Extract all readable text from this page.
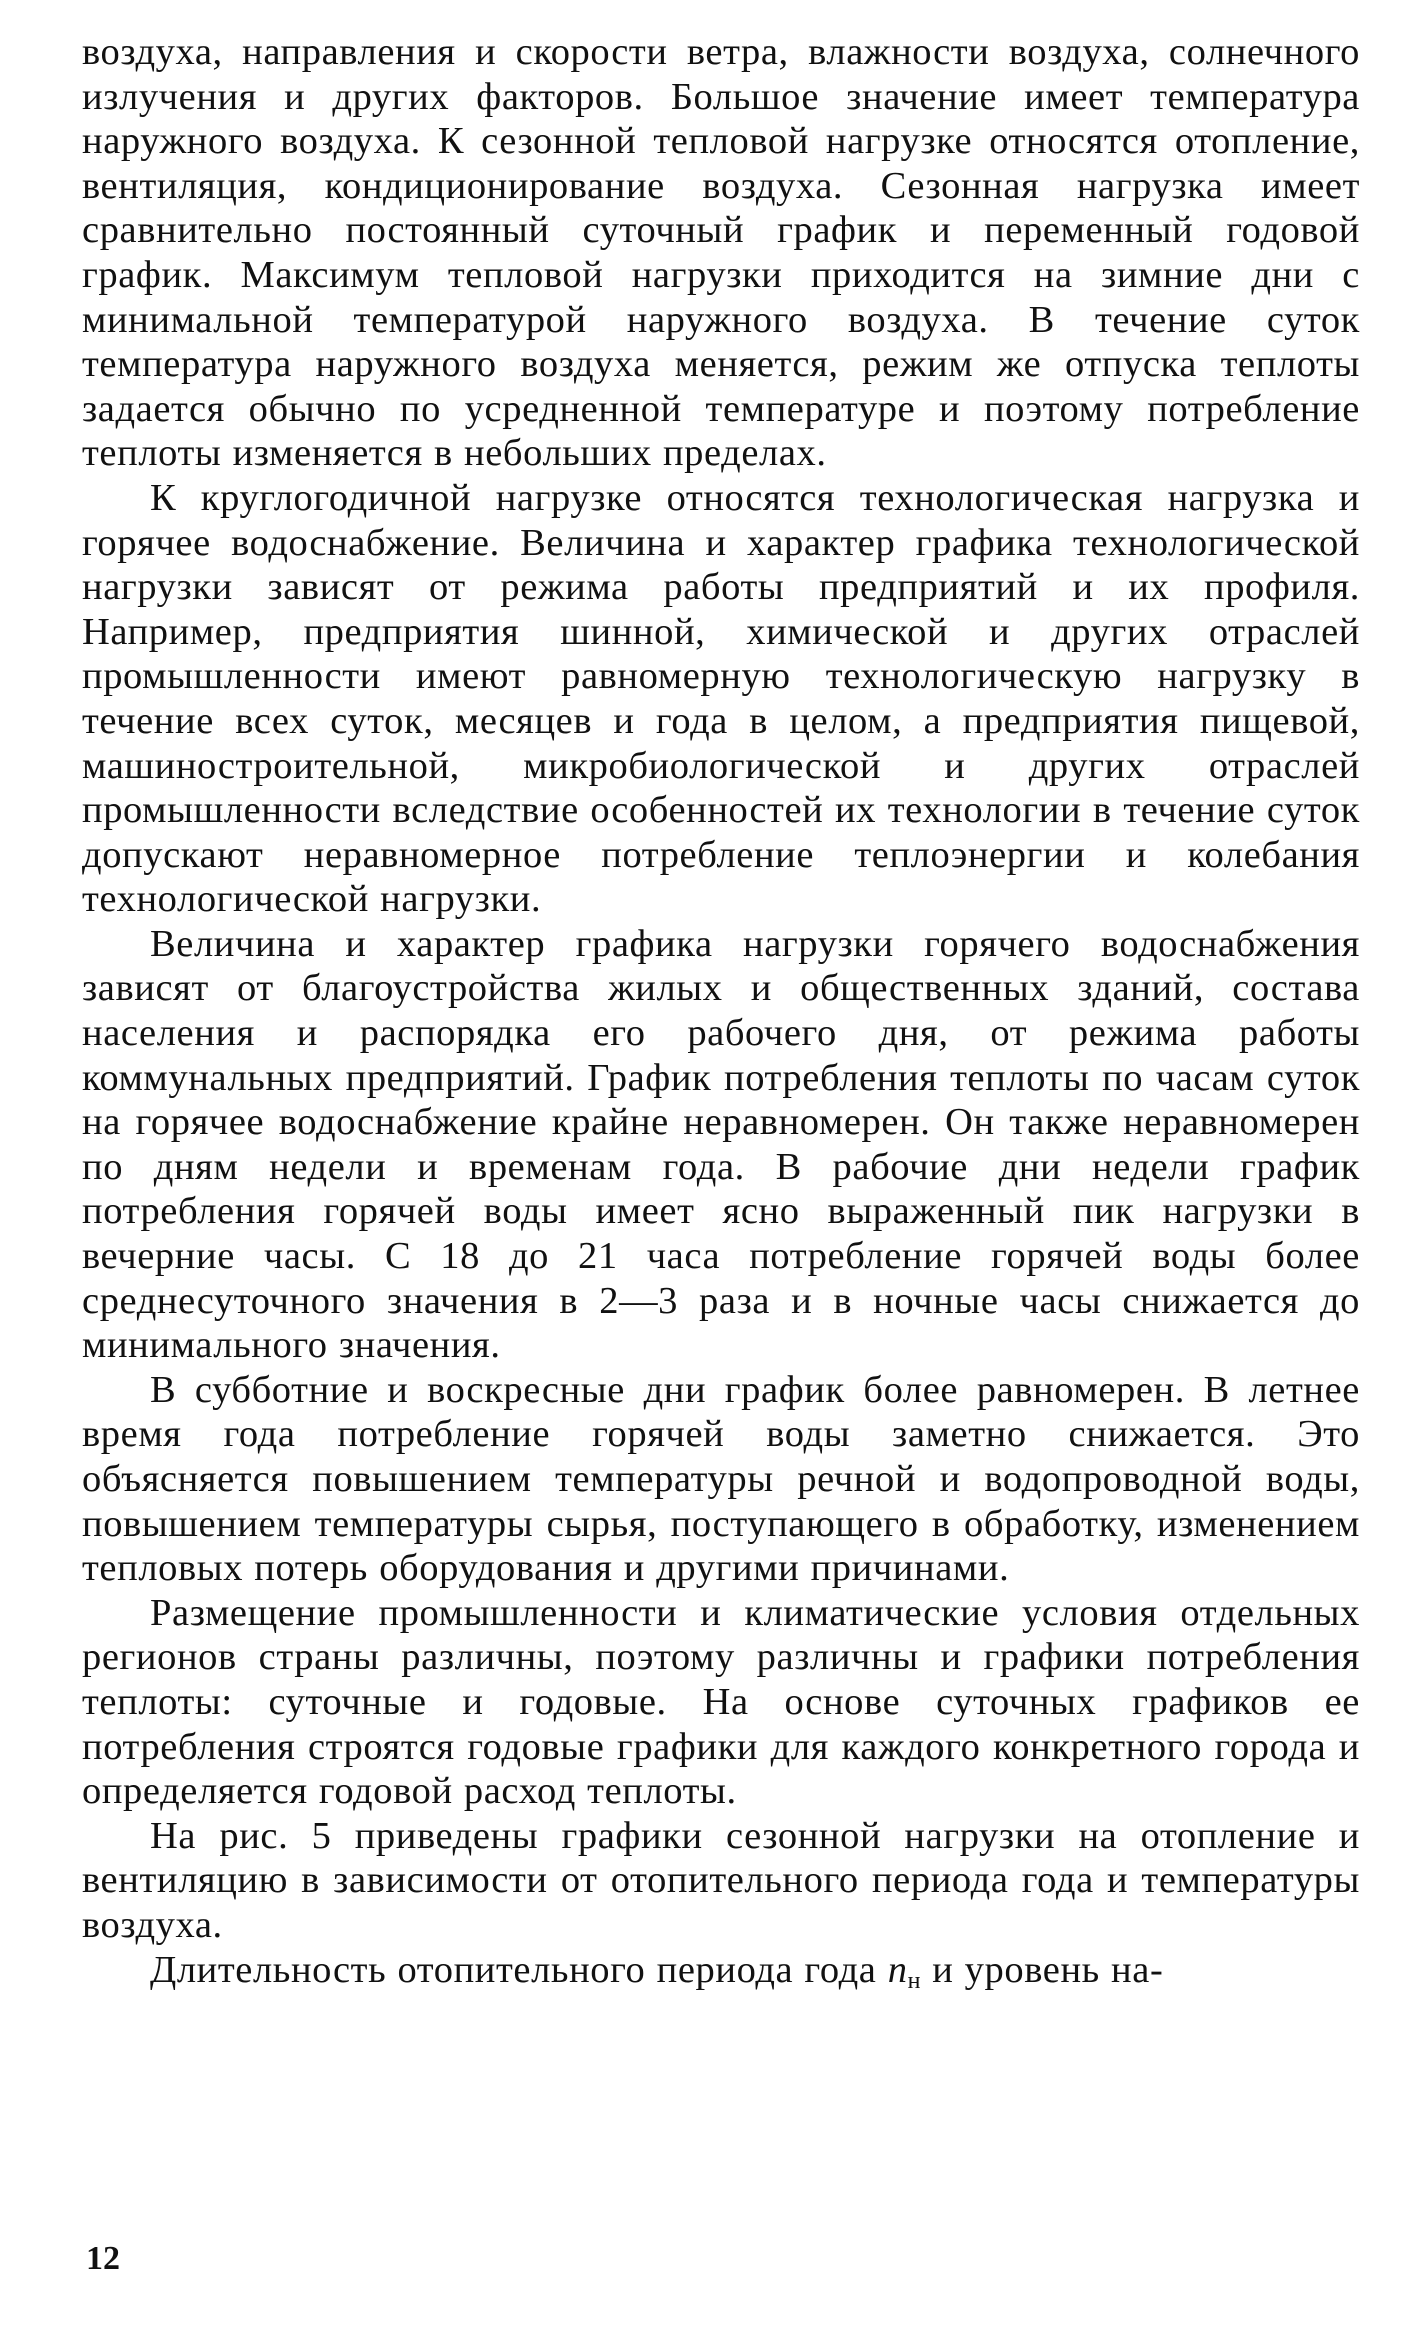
воздуха, направления и скорости ветра, влажности воздуха, солнечного излучения и других факторов. Большое значение имеет температура наружного воздуха. К сезонной тепловой нагрузке относятся отопление, вентиляция, кондиционирование воздуха. Сезонная нагрузка имеет сравнительно постоянный суточный график и переменный годовой график. Максимум тепловой нагрузки приходится на зимние дни с минимальной температурой наружного воздуха. В течение суток температура наружного воздуха меняется, режим же отпуска теплоты задается обычно по усредненной температуре и поэтому потребление теплоты изменяется в небольших пределах.

К круглогодичной нагрузке относятся технологическая нагрузка и горячее водоснабжение. Величина и характер графика технологической нагрузки зависят от режима работы предприятий и их профиля. Например, предприятия шинной, химической и других отраслей промышленности имеют равномерную технологическую нагрузку в течение всех суток, месяцев и года в целом, а предприятия пищевой, машиностроительной, микробиологической и других отраслей промышленности вследствие особенностей их технологии в течение суток допускают неравномерное потребление теплоэнергии и колебания технологической нагрузки.

Величина и характер графика нагрузки горячего водоснабжения зависят от благоустройства жилых и общественных зданий, состава населения и распорядка его рабочего дня, от режима работы коммунальных предприятий. График потребления теплоты по часам суток на горячее водоснабжение крайне неравномерен. Он также неравномерен по дням недели и временам года. В рабочие дни недели график потребления горячей воды имеет ясно выраженный пик нагрузки в вечерние часы. С 18 до 21 часа потребление горячей воды более среднесуточного значения в 2—3 раза и в ночные часы снижается до минимального значения.

В субботние и воскресные дни график более равномерен. В летнее время года потребление горячей воды заметно снижается. Это объясняется повышением температуры речной и водопроводной воды, повышением температуры сырья, поступающего в обработку, изменением тепловых потерь оборудования и другими причинами.

Размещение промышленности и климатические условия отдельных регионов страны различны, поэтому различны и графики потребления теплоты: суточные и годовые. На основе суточных графиков ее потребления строятся годовые графики для каждого конкретного города и определяется годовой расход теплоты.

На рис. 5 приведены графики сезонной нагрузки на отопление и вентиляцию в зависимости от отопительного периода года и температуры воздуха.

Длительность отопительного периода года $n_н$ и уровень на-

12
